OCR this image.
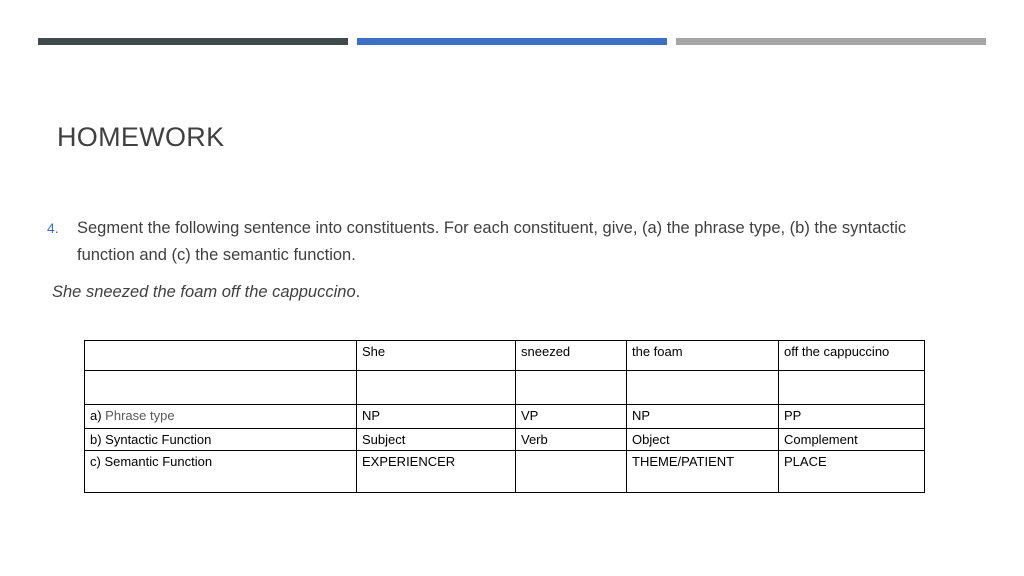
HOMEWORK
4. Segment the following sentence into constituents. For each constituent, give, (a) the phrase type, (b) the syntactic function and (c) the semantic function.
She sneezed the foam off the cappuccino.
	She	sneezed	the foam	off the cappuccino

a) Phrase type	NP	VP	NP	PP
b) Syntactic Function	Subject	Verb	Object	Complement
c) Semantic Function	EXPERIENCER		THEME/PATIENT	PLACE
